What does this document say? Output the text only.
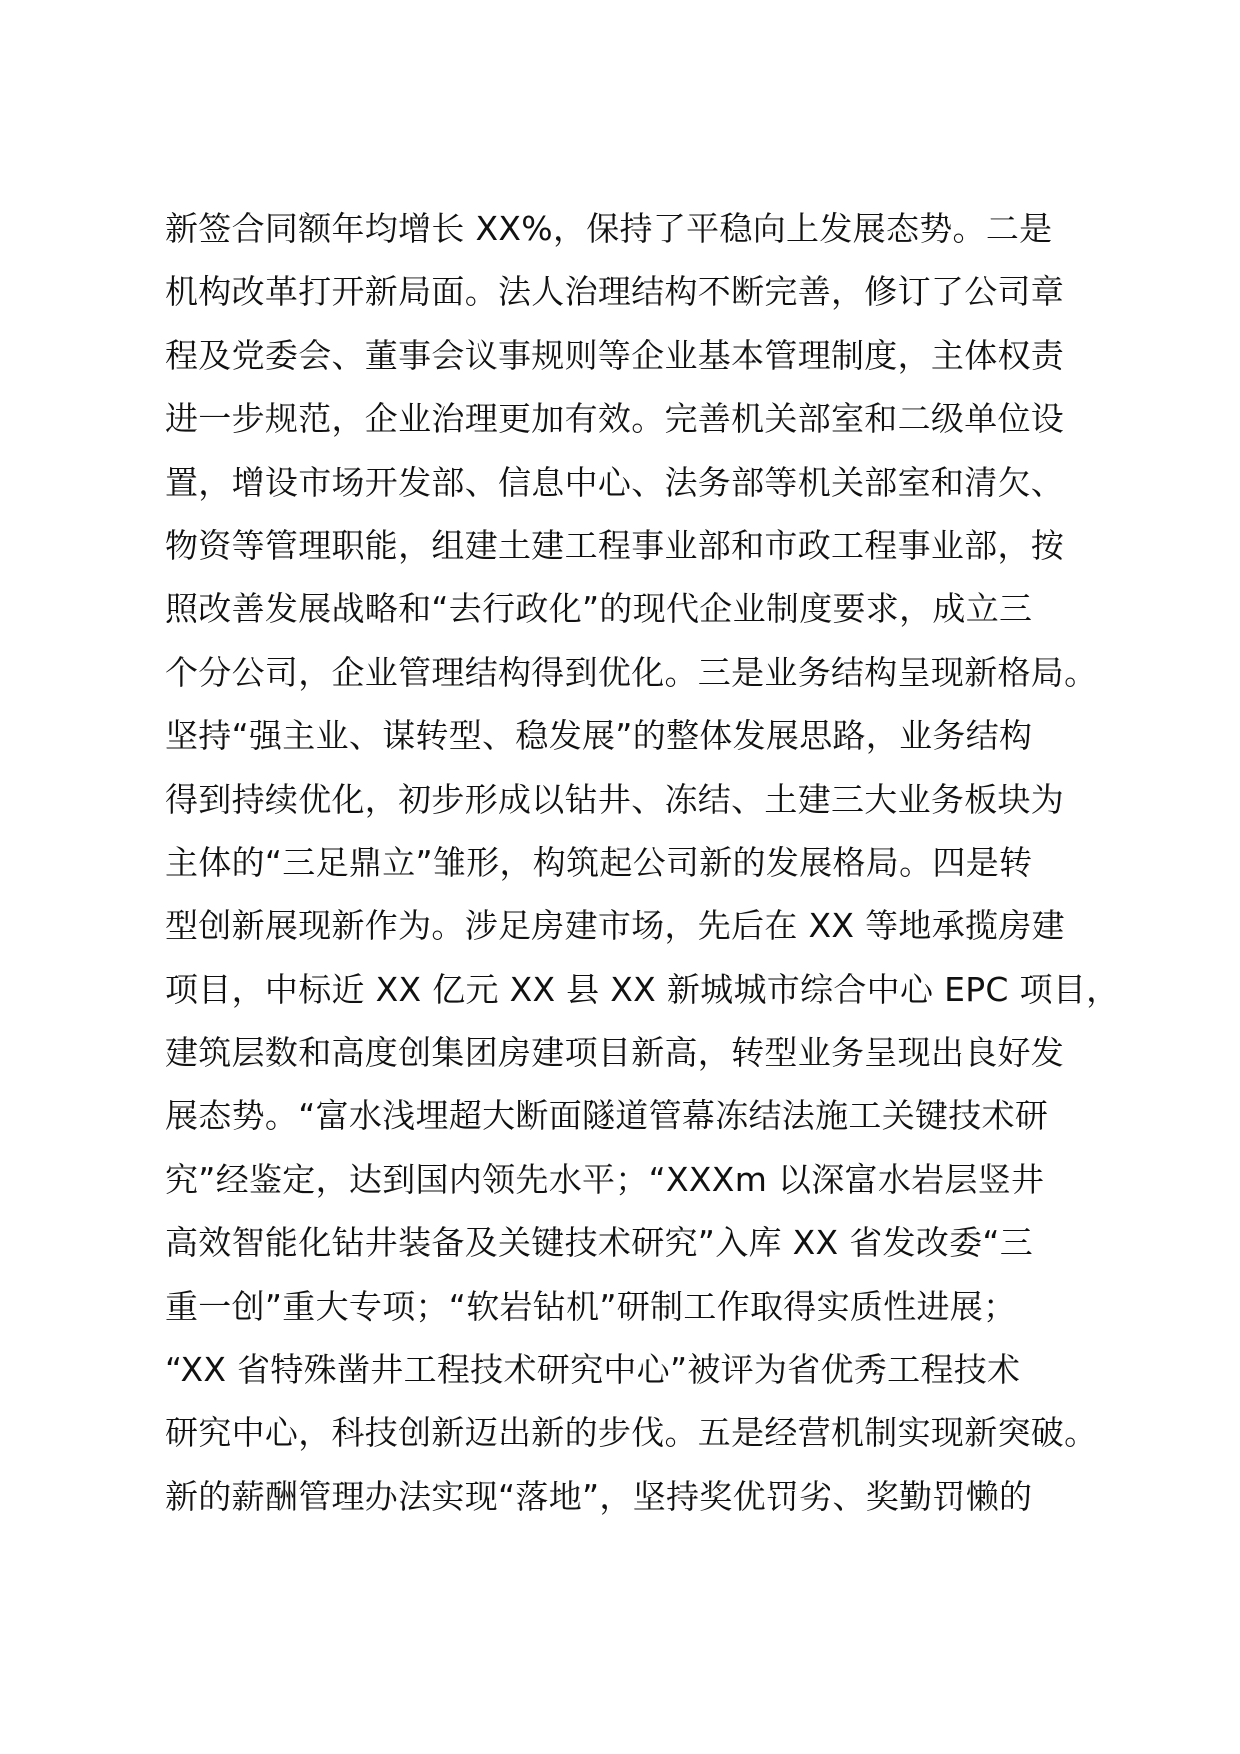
新签合同额年均增长 XX%，保持了平稳向上发展态势。二是
机构改革打开新局面。法人治理结构不断完善，修订了公司章
程及党委会、董事会议事规则等企业基本管理制度，主体权责
进一步规范，企业治理更加有效。完善机关部室和二级单位设
置，增设市场开发部、信息中心、法务部等机关部室和清欠、
物资等管理职能，组建土建工程事业部和市政工程事业部，按
照改善发展战略和“去行政化”的现代企业制度要求，成立三
个分公司，企业管理结构得到优化。三是业务结构呈现新格局。
坚持“强主业、谋转型、稳发展”的整体发展思路，业务结构
得到持续优化，初步形成以钻井、冻结、土建三大业务板块为
主体的“三足鼎立”雏形，构筑起公司新的发展格局。四是转
型创新展现新作为。涉足房建市场，先后在 XX 等地承揽房建
项目，中标近 XX 亿元 XX 县 XX 新城城市综合中心 EPC 项目，
建筑层数和高度创集团房建项目新高，转型业务呈现出良好发
展态势。“富水浅埋超大断面隧道管幕冻结法施工关键技术研
究”经鉴定，达到国内领先水平；“XXXm 以深富水岩层竖井
高效智能化钻井装备及关键技术研究”入库 XX 省发改委“三
重一创”重大专项；“软岩钻机”研制工作取得实质性进展；
“XX 省特殊凿井工程技术研究中心”被评为省优秀工程技术
研究中心，科技创新迈出新的步伐。五是经营机制实现新突破。
新的薪酬管理办法实现“落地”，坚持奖优罚劣、奖勤罚懒的
